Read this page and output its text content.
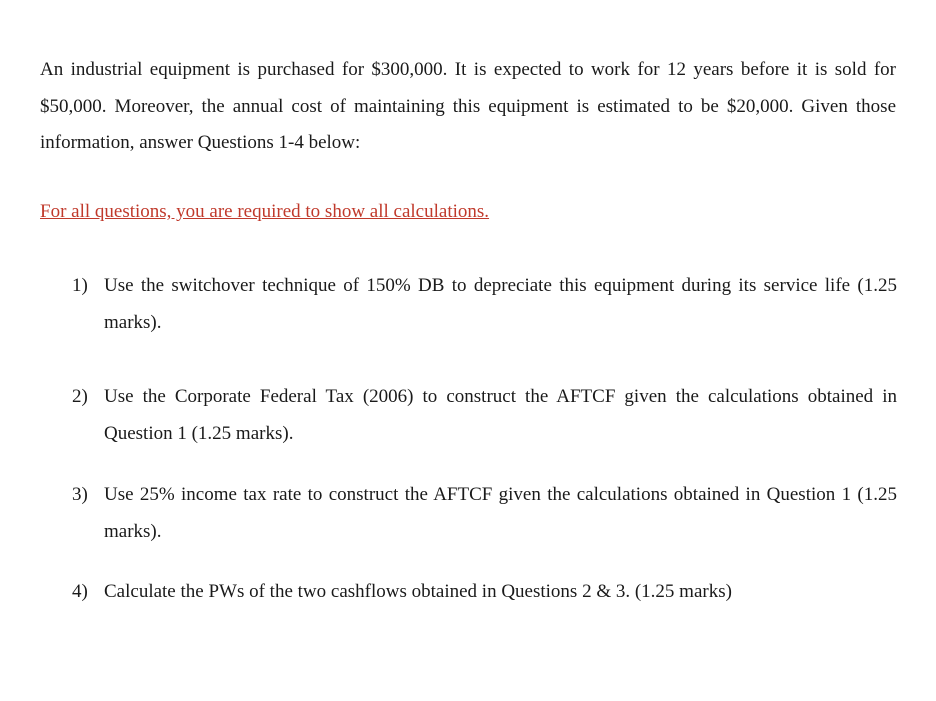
An industrial equipment is purchased for $300,000. It is expected to work for 12 years before it is sold for $50,000. Moreover, the annual cost of maintaining this equipment is estimated to be $20,000. Given those information, answer Questions 1-4 below:

For all questions, you are required to show all calculations.

1) Use the switchover technique of 150% DB to depreciate this equipment during its service life (1.25 marks).
2) Use the Corporate Federal Tax (2006) to construct the AFTCF given the calculations obtained in Question 1 (1.25 marks).
3) Use 25% income tax rate to construct the AFTCF given the calculations obtained in Question 1 (1.25 marks).
4) Calculate the PWs of the two cashflows obtained in Questions 2 & 3. (1.25 marks)
